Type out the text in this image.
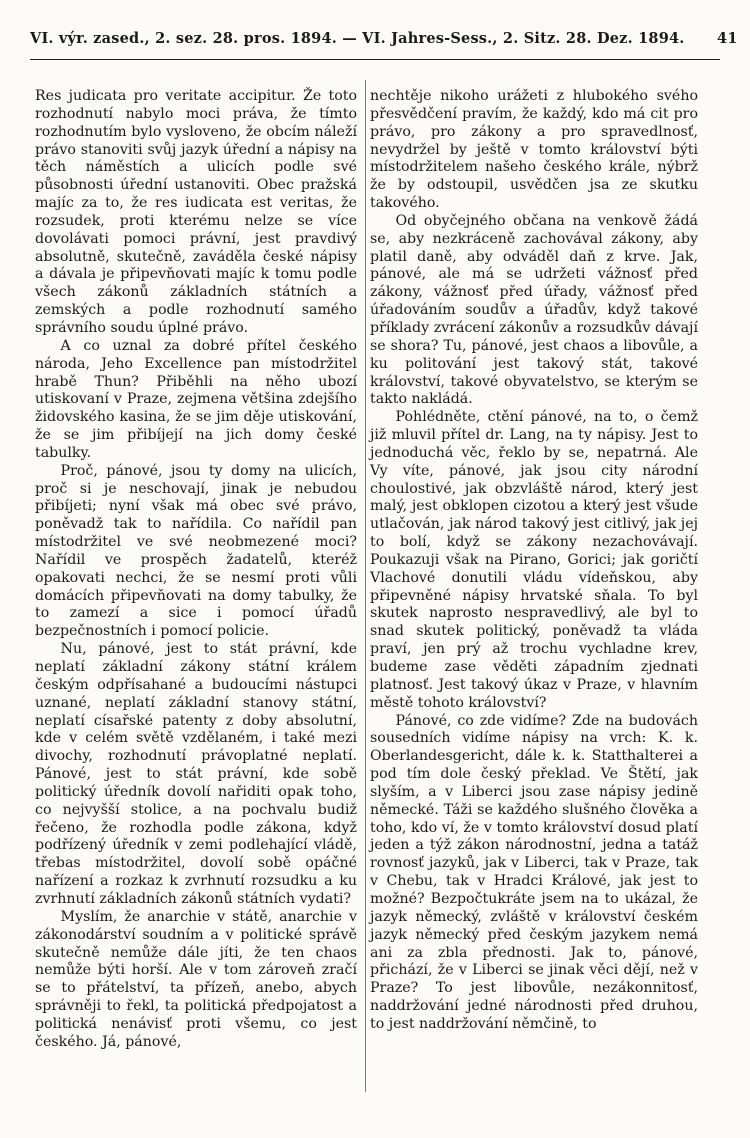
VI. výr. zased., 2. sez. 28. pros. 1894. — VI. Jahres-Sess., 2. Sitz. 28. Dez. 1894. 41

Res judicata pro veritate accipitur. Že toto rozhodnutí nabylo moci práva, že tímto rozhodnutím bylo vysloveno, že obcím náleží právo stanoviti svůj jazyk úřední a nápisy na těch náměstích a ulicích podle své působnosti úřední ustanoviti. Obec pražská majíc za to, že res iudicata est veritas, že rozsudek, proti kterému nelze se více dovolávati pomoci právní, jest pravdivý absolutně, skutečně, zaváděla české nápisy a dávala je připevňovati majíc k tomu podle všech zákonů základních státních a zemských a podle rozhodnutí samého správního soudu úplné právo.

A co uznal za dobré přítel českého národa, Jeho Excellence pan místodržitel hrabě Thun? Přiběhli na něho ubozí utiskovaní v Praze, zejmena většina zdejšího židovského kasina, že se jim děje utiskování, že se jim přibíjejí na jich domy české tabulky.

Proč, pánové, jsou ty domy na ulicích, proč si je neschovají, jinak je nebudou přibíjeti; nyní však má obec své právo, poněvadž tak to nařídila. Co nařídil pan místodržitel ve své neobmezené moci? Nařídil ve prospěch žadatelů, kteréž opakovati nechci, že se nesmí proti vůli domácích připevňovati na domy tabulky, že to zamezí a sice i pomocí úřadů bezpečnostních i pomocí policie.

Nu, pánové, jest to stát právní, kde neplatí základní zákony státní králem českým odpřísahané a budoucími nástupci uznané, neplatí základní stanovy státní, neplatí císařské patenty z doby absolutní, kde v celém světě vzdělaném, i také mezi divochy, rozhodnutí právoplatné neplatí. Pánové, jest to stát právní, kde sobě politický úředník dovolí nařiditi opak toho, co nejvyšší stolice, a na pochvalu budiž řečeno, že rozhodla podle zákona, když podřízený úředník v zemi podlehající vládě, třebas místodržitel, dovolí sobě opáčné nařízení a rozkaz k zvrhnutí rozsudku a ku zvrhnutí základních zákonů státních vydati?

Myslím, že anarchie v státě, anarchie v zákonodárství soudním a v politické správě skutečně nemůže dále jíti, že ten chaos nemůže býti horší. Ale v tom zároveň zračí se to přátelství, ta přízeň, anebo, abych správněji to řekl, ta politická předpojatost a politická nenávisť proti všemu, co jest českého. Já, pánové,

nechtěje nikoho urážeti z hlubokého svého přesvědčení pravím, že každý, kdo má cit pro právo, pro zákony a pro spravedlnosť, nevydržel by ještě v tomto království býti místodržitelem našeho českého krále, nýbrž že by odstoupil, usvědčen jsa ze skutku takového.

Od obyčejného občana na venkově žádá se, aby nezkráceně zachovával zákony, aby platil daně, aby odváděl daň z krve. Jak, pánové, ale má se udržeti vážnosť před zákony, vážnosť před úřady, vážnosť před úřadováním soudův a úřadův, když takové příklady zvrácení zákonův a rozsudkův dávají se shora? Tu, pánové, jest chaos a libovůle, a ku politování jest takový stát, takové království, takové obyvatelstvo, se kterým se takto nakládá.

Pohlédněte, ctění pánové, na to, o čemž již mluvil přítel dr. Lang, na ty nápisy. Jest to jednoduchá věc, řeklo by se, nepatrná. Ale Vy víte, pánové, jak jsou city národní choulostivé, jak obzvláště národ, který jest malý, jest obklopen cizotou a který jest všude utlačován, jak národ takový jest citlivý, jak jej to bolí, když se zákony nezachovávají. Poukazuji však na Pirano, Gorici; jak goričtí Vlachové donutili vládu vídeňskou, aby připevněné nápisy hrvatské sňala. To byl skutek naprosto nespravedlivý, ale byl to snad skutek politický, poněvadž ta vláda praví, jen prý až trochu vychladne krev, budeme zase věděti západním zjednati platnosť. Jest takový úkaz v Praze, v hlavním městě tohoto království?

Pánové, co zde vidíme? Zde na budovách sousedních vidíme nápisy na vrch: K. k. Oberlandesgericht, dále k. k. Statthalterei a pod tím dole český překlad. Ve Štětí, jak slyším, a v Liberci jsou zase nápisy jedině německé. Táži se každého slušného člověka a toho, kdo ví, že v tomto království dosud platí jeden a týž zákon národnostní, jedna a tatáž rovnosť jazyků, jak v Liberci, tak v Praze, tak v Chebu, tak v Hradci Králové, jak jest to možné? Bezpočtukráte jsem na to ukázal, že jazyk německý, zvláště v království českém jazyk německý před českým jazykem nemá ani za zbla přednosti. Jak to, pánové, přichází, že v Liberci se jinak věci dějí, než v Praze? To jest libovůle, nezákonnitosť, naddržování jedné národnosti před druhou, to jest naddržování němčině, to
